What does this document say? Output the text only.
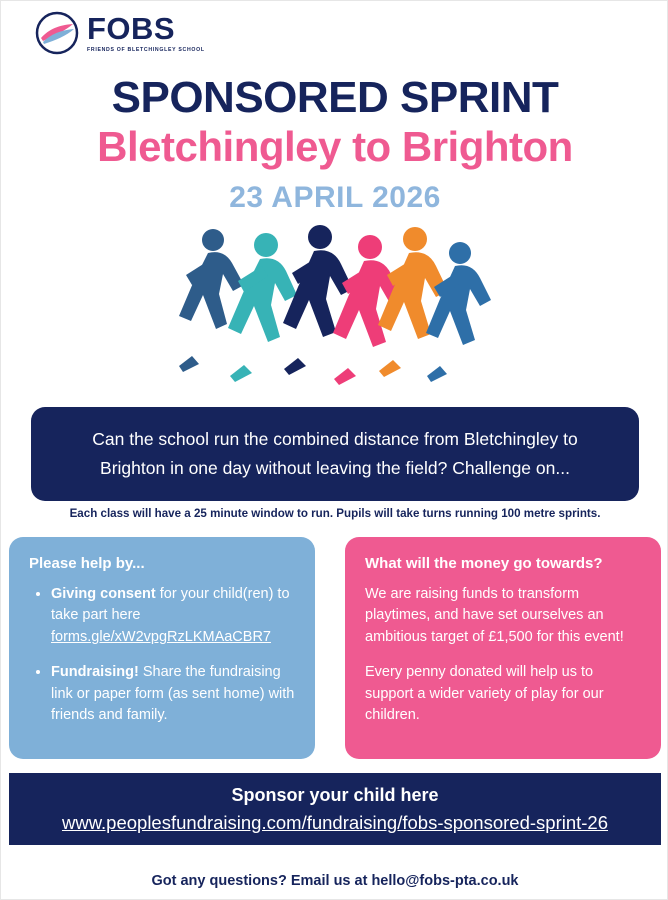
FOBS
FRIENDS OF BLETCHINGLEY SCHOOL
SPONSORED SPRINT
Bletchingley to Brighton
23 APRIL 2026
Can the school run the combined distance from Bletchingley to Brighton in one day without leaving the field? Challenge on...
Each class will have a 25 minute window to run. Pupils will take turns running 100 metre sprints.
Please help by...
• Giving consent for your child(ren) to take part here forms.gle/xW2vpgRzLKMAaCBR7
• Fundraising! Share the fundraising link or paper form (as sent home) with friends and family.
What will the money go towards?

We are raising funds to transform playtimes, and have set ourselves an ambitious target of £1,500 for this event!

Every penny donated will help us to support a wider variety of play for our children.

Sponsor your child here
www.peoplesfundraising.com/fundraising/fobs-sponsored-sprint-26
Got any questions? Email us at hello@fobs-pta.co.uk
